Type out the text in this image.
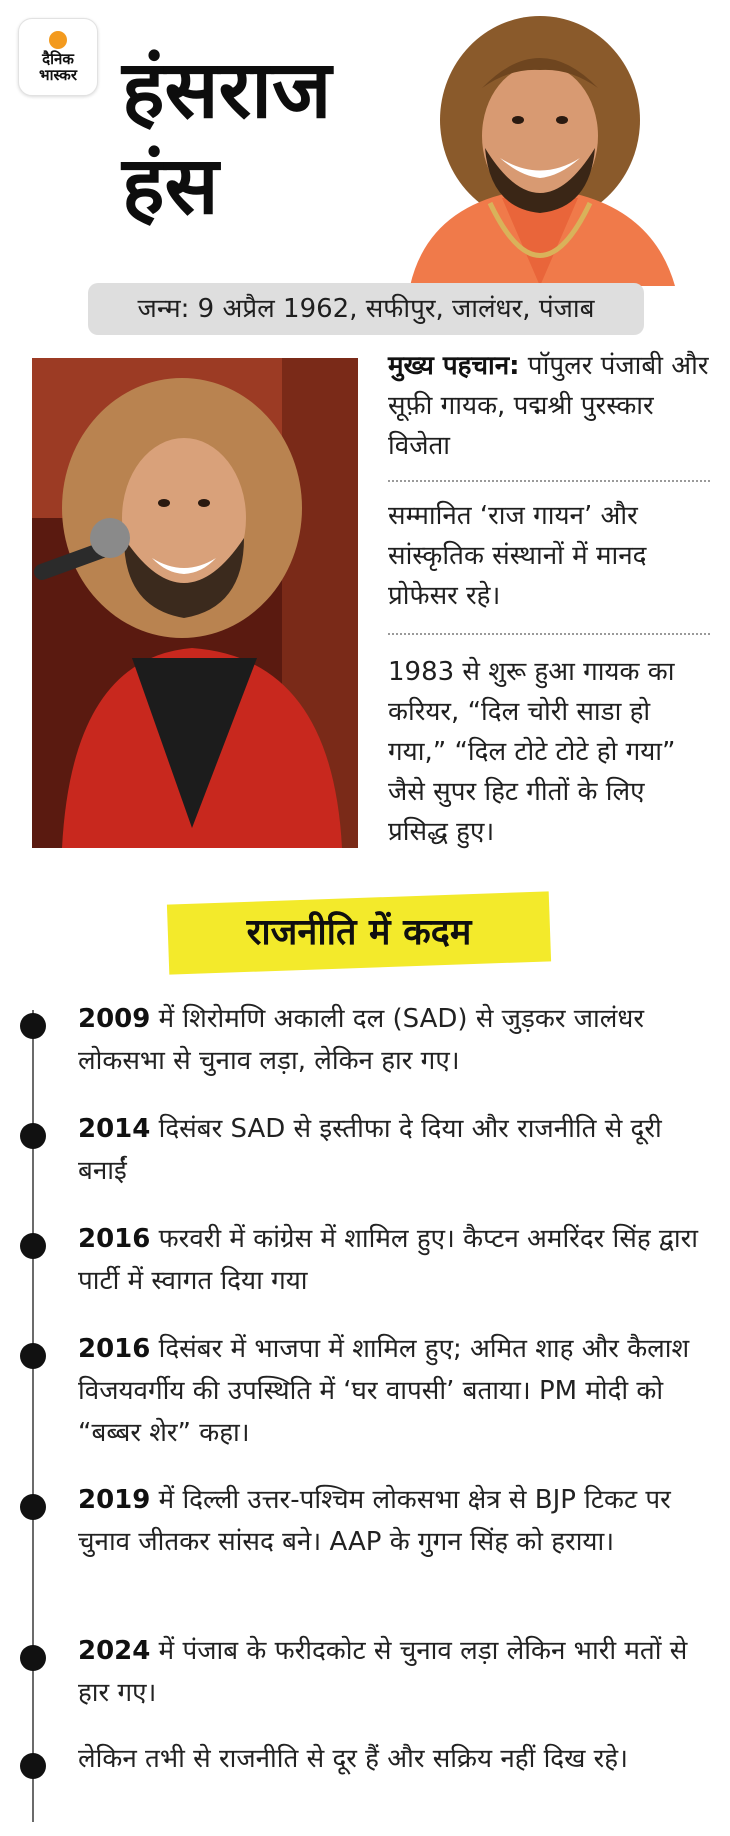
दैनिक
भास्कर हंसराज
हंस
जन्म: 9 अप्रैल 1962, सफीपुर, जालंधर, पंजाब
मुख्य पहचान: पॉपुलर पंजाबी और सूफ़ी गायक, पद्मश्री पुरस्कार विजेता
सम्मानित ‘राज गायन’ और सांस्कृतिक संस्थानों में मानद प्रोफेसर रहे।
1983 से शुरू हुआ गायक का करियर, “दिल चोरी साडा हो गया,” “दिल टोटे टोटे हो गया” जैसे सुपर हिट गीतों के लिए प्रसिद्ध हुए।
राजनीति में कदम
2009 में शिरोमणि अकाली दल (SAD) से जुड़कर जालंधर लोकसभा से चुनाव लड़ा, लेकिन हार गए।
2014 दिसंबर SAD से इस्तीफा दे दिया और राजनीति से दूरी बनाईं
2016 फरवरी में कांग्रेस में शामिल हुए। कैप्टन अमरिंदर सिंह द्वारा पार्टी में स्वागत दिया गया
2016 दिसंबर में भाजपा में शामिल हुए; अमित शाह और कैलाश विजयवर्गीय की उपस्थिति में ‘घर वापसी’ बताया। PM मोदी को “बब्बर शेर” कहा।
2019 में दिल्ली उत्तर-पश्चिम लोकसभा क्षेत्र से BJP टिकट पर चुनाव जीतकर सांसद बने। AAP के गुगन सिंह को हराया।
2024 में पंजाब के फरीदकोट से चुनाव लड़ा लेकिन भारी मतों से हार गए।
लेकिन तभी से राजनीति से दूर हैं और सक्रिय नहीं दिख रहे।
